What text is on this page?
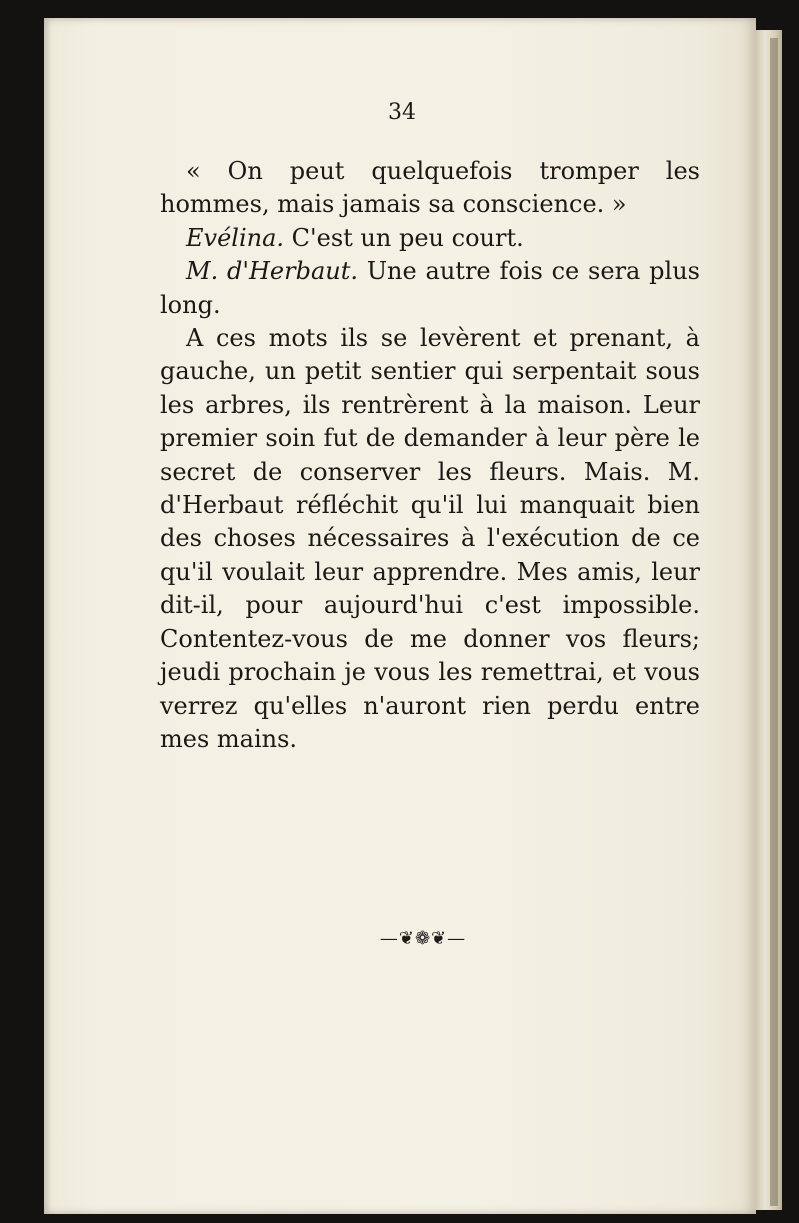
34

« On peut quelquefois tromper les hommes, mais jamais sa conscience. »

Evélina. C'est un peu court.

M. d'Herbaut. Une autre fois ce sera plus long.

A ces mots ils se levèrent et prenant, à gauche, un petit sentier qui serpentait sous les arbres, ils rentrèrent à la maison. Leur premier soin fut de demander à leur père le secret de conserver les fleurs. Mais. M. d'Herbaut réfléchit qu'il lui manquait bien des choses nécessaires à l'exécution de ce qu'il voulait leur apprendre. Mes amis, leur dit-il, pour aujourd'hui c'est impossible. Contentez-vous de me donner vos fleurs; jeudi prochain je vous les remettrai, et vous verrez qu'elles n'auront rien perdu entre mes mains.

—❦❁❦—
